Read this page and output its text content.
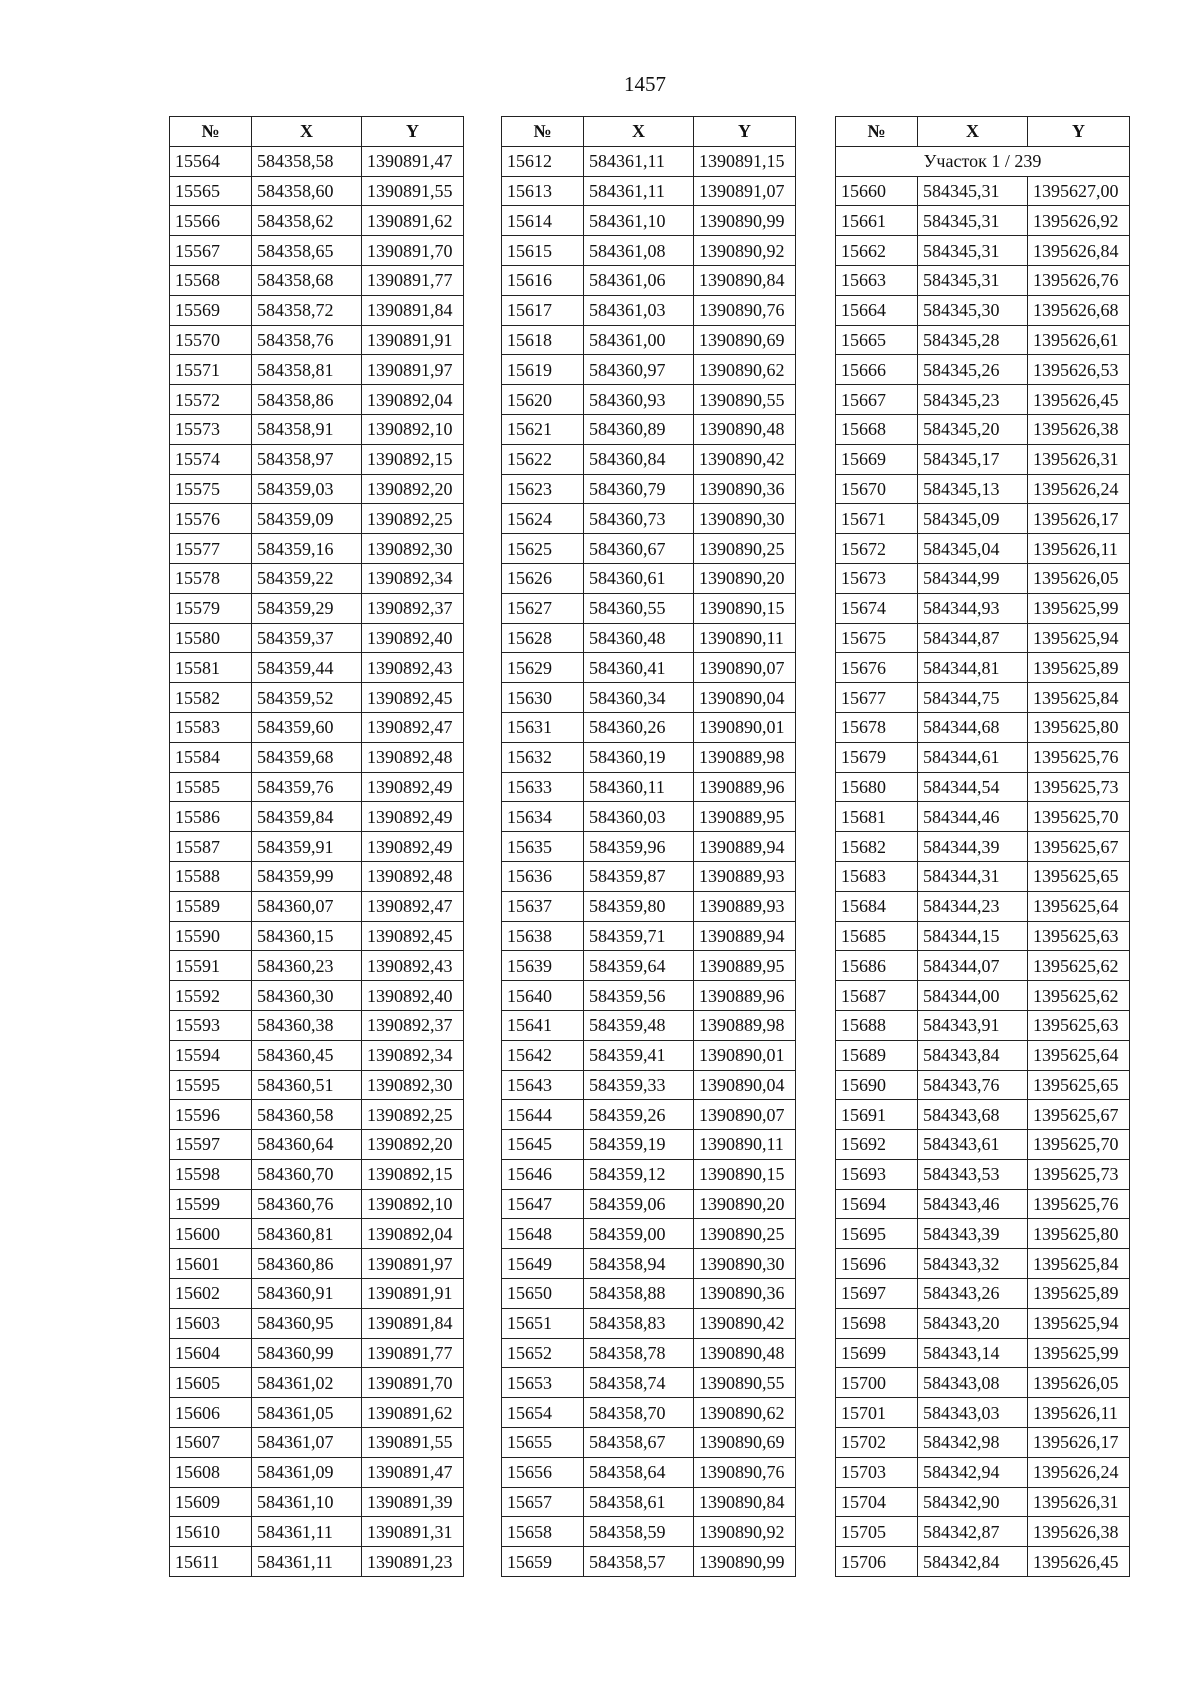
1457
№	X	Y
15564	584358,58	1390891,47
15565	584358,60	1390891,55
15566	584358,62	1390891,62
15567	584358,65	1390891,70
15568	584358,68	1390891,77
15569	584358,72	1390891,84
15570	584358,76	1390891,91
15571	584358,81	1390891,97
15572	584358,86	1390892,04
15573	584358,91	1390892,10
15574	584358,97	1390892,15
15575	584359,03	1390892,20
15576	584359,09	1390892,25
15577	584359,16	1390892,30
15578	584359,22	1390892,34
15579	584359,29	1390892,37
15580	584359,37	1390892,40
15581	584359,44	1390892,43
15582	584359,52	1390892,45
15583	584359,60	1390892,47
15584	584359,68	1390892,48
15585	584359,76	1390892,49
15586	584359,84	1390892,49
15587	584359,91	1390892,49
15588	584359,99	1390892,48
15589	584360,07	1390892,47
15590	584360,15	1390892,45
15591	584360,23	1390892,43
15592	584360,30	1390892,40
15593	584360,38	1390892,37
15594	584360,45	1390892,34
15595	584360,51	1390892,30
15596	584360,58	1390892,25
15597	584360,64	1390892,20
15598	584360,70	1390892,15
15599	584360,76	1390892,10
15600	584360,81	1390892,04
15601	584360,86	1390891,97
15602	584360,91	1390891,91
15603	584360,95	1390891,84
15604	584360,99	1390891,77
15605	584361,02	1390891,70
15606	584361,05	1390891,62
15607	584361,07	1390891,55
15608	584361,09	1390891,47
15609	584361,10	1390891,39
15610	584361,11	1390891,31
15611	584361,11	1390891,23
№	X	Y
15612	584361,11	1390891,15
15613	584361,11	1390891,07
15614	584361,10	1390890,99
15615	584361,08	1390890,92
15616	584361,06	1390890,84
15617	584361,03	1390890,76
15618	584361,00	1390890,69
15619	584360,97	1390890,62
15620	584360,93	1390890,55
15621	584360,89	1390890,48
15622	584360,84	1390890,42
15623	584360,79	1390890,36
15624	584360,73	1390890,30
15625	584360,67	1390890,25
15626	584360,61	1390890,20
15627	584360,55	1390890,15
15628	584360,48	1390890,11
15629	584360,41	1390890,07
15630	584360,34	1390890,04
15631	584360,26	1390890,01
15632	584360,19	1390889,98
15633	584360,11	1390889,96
15634	584360,03	1390889,95
15635	584359,96	1390889,94
15636	584359,87	1390889,93
15637	584359,80	1390889,93
15638	584359,71	1390889,94
15639	584359,64	1390889,95
15640	584359,56	1390889,96
15641	584359,48	1390889,98
15642	584359,41	1390890,01
15643	584359,33	1390890,04
15644	584359,26	1390890,07
15645	584359,19	1390890,11
15646	584359,12	1390890,15
15647	584359,06	1390890,20
15648	584359,00	1390890,25
15649	584358,94	1390890,30
15650	584358,88	1390890,36
15651	584358,83	1390890,42
15652	584358,78	1390890,48
15653	584358,74	1390890,55
15654	584358,70	1390890,62
15655	584358,67	1390890,69
15656	584358,64	1390890,76
15657	584358,61	1390890,84
15658	584358,59	1390890,92
15659	584358,57	1390890,99
№	X	Y
Участок 1 / 239		
15660	584345,31	1395627,00
15661	584345,31	1395626,92
15662	584345,31	1395626,84
15663	584345,31	1395626,76
15664	584345,30	1395626,68
15665	584345,28	1395626,61
15666	584345,26	1395626,53
15667	584345,23	1395626,45
15668	584345,20	1395626,38
15669	584345,17	1395626,31
15670	584345,13	1395626,24
15671	584345,09	1395626,17
15672	584345,04	1395626,11
15673	584344,99	1395626,05
15674	584344,93	1395625,99
15675	584344,87	1395625,94
15676	584344,81	1395625,89
15677	584344,75	1395625,84
15678	584344,68	1395625,80
15679	584344,61	1395625,76
15680	584344,54	1395625,73
15681	584344,46	1395625,70
15682	584344,39	1395625,67
15683	584344,31	1395625,65
15684	584344,23	1395625,64
15685	584344,15	1395625,63
15686	584344,07	1395625,62
15687	584344,00	1395625,62
15688	584343,91	1395625,63
15689	584343,84	1395625,64
15690	584343,76	1395625,65
15691	584343,68	1395625,67
15692	584343,61	1395625,70
15693	584343,53	1395625,73
15694	584343,46	1395625,76
15695	584343,39	1395625,80
15696	584343,32	1395625,84
15697	584343,26	1395625,89
15698	584343,20	1395625,94
15699	584343,14	1395625,99
15700	584343,08	1395626,05
15701	584343,03	1395626,11
15702	584342,98	1395626,17
15703	584342,94	1395626,24
15704	584342,90	1395626,31
15705	584342,87	1395626,38
15706	584342,84	1395626,45
